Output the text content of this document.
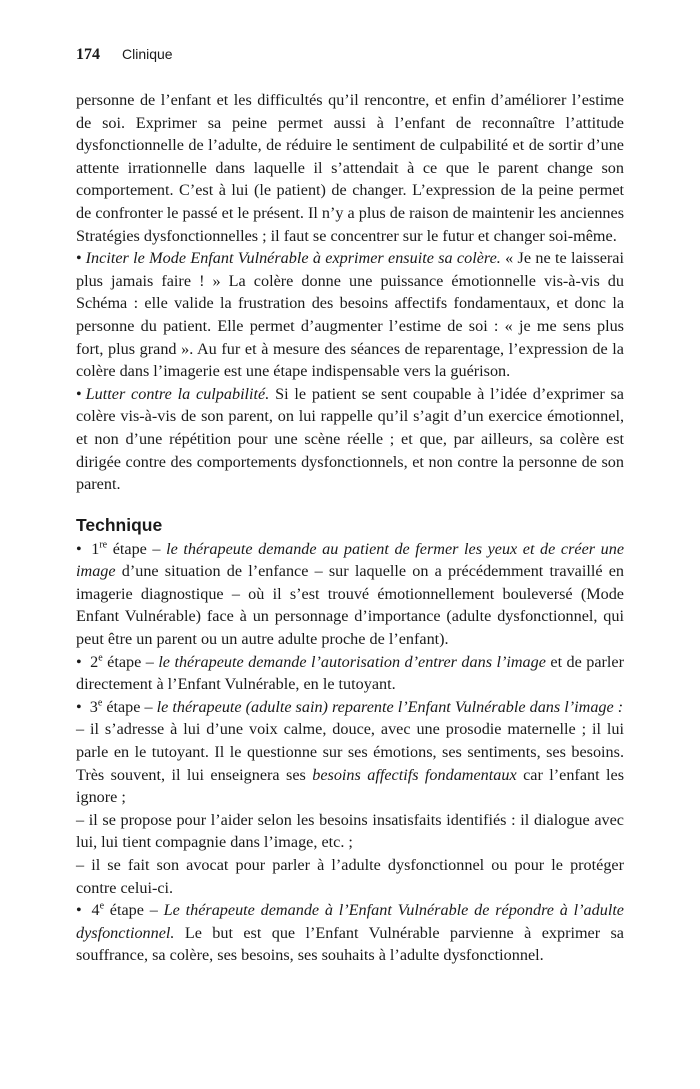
174 Clinique

personne de l’enfant et les difficultés qu’il rencontre, et enfin d’améliorer l’estime de soi. Exprimer sa peine permet aussi à l’enfant de reconnaître l’attitude dysfonctionnelle de l’adulte, de réduire le sentiment de culpabilité et de sortir d’une attente irrationnelle dans laquelle il s’attendait à ce que le parent change son comportement. C’est à lui (le patient) de changer. L’expression de la peine permet de confronter le passé et le présent. Il n’y a plus de raison de maintenir les anciennes Stratégies dysfonctionnelles ; il faut se concentrer sur le futur et changer soi-même.

• Inciter le Mode Enfant Vulnérable à exprimer ensuite sa colère. « Je ne te laisserai plus jamais faire ! » La colère donne une puissance émotionnelle vis-à-vis du Schéma : elle valide la frustration des besoins affectifs fondamentaux, et donc la personne du patient. Elle permet d’augmenter l’estime de soi : « je me sens plus fort, plus grand ». Au fur et à mesure des séances de reparentage, l’expression de la colère dans l’imagerie est une étape indispensable vers la guérison.

• Lutter contre la culpabilité. Si le patient se sent coupable à l’idée d’exprimer sa colère vis-à-vis de son parent, on lui rappelle qu’il s’agit d’un exercice émotionnel, et non d’une répétition pour une scène réelle ; et que, par ailleurs, sa colère est dirigée contre des comportements dysfonctionnels, et non contre la personne de son parent.

Technique

• 1re étape – le thérapeute demande au patient de fermer les yeux et de créer une image d’une situation de l’enfance – sur laquelle on a précédemment travaillé en imagerie diagnostique – où il s’est trouvé émotionnellement bouleversé (Mode Enfant Vulnérable) face à un personnage d’importance (adulte dysfonctionnel, qui peut être un parent ou un autre adulte proche de l’enfant).

• 2e étape – le thérapeute demande l’autorisation d’entrer dans l’image et de parler directement à l’Enfant Vulnérable, en le tutoyant.

• 3e étape – le thérapeute (adulte sain) reparente l’Enfant Vulnérable dans l’image :

– il s’adresse à lui d’une voix calme, douce, avec une prosodie maternelle ; il lui parle en le tutoyant. Il le questionne sur ses émotions, ses sentiments, ses besoins. Très souvent, il lui enseignera ses besoins affectifs fondamentaux car l’enfant les ignore ;

– il se propose pour l’aider selon les besoins insatisfaits identifiés : il dialogue avec lui, lui tient compagnie dans l’image, etc. ;

– il se fait son avocat pour parler à l’adulte dysfonctionnel ou pour le protéger contre celui-ci.

• 4e étape – Le thérapeute demande à l’Enfant Vulnérable de répondre à l’adulte dysfonctionnel. Le but est que l’Enfant Vulnérable parvienne à exprimer sa souffrance, sa colère, ses besoins, ses souhaits à l’adulte dysfonctionnel.
